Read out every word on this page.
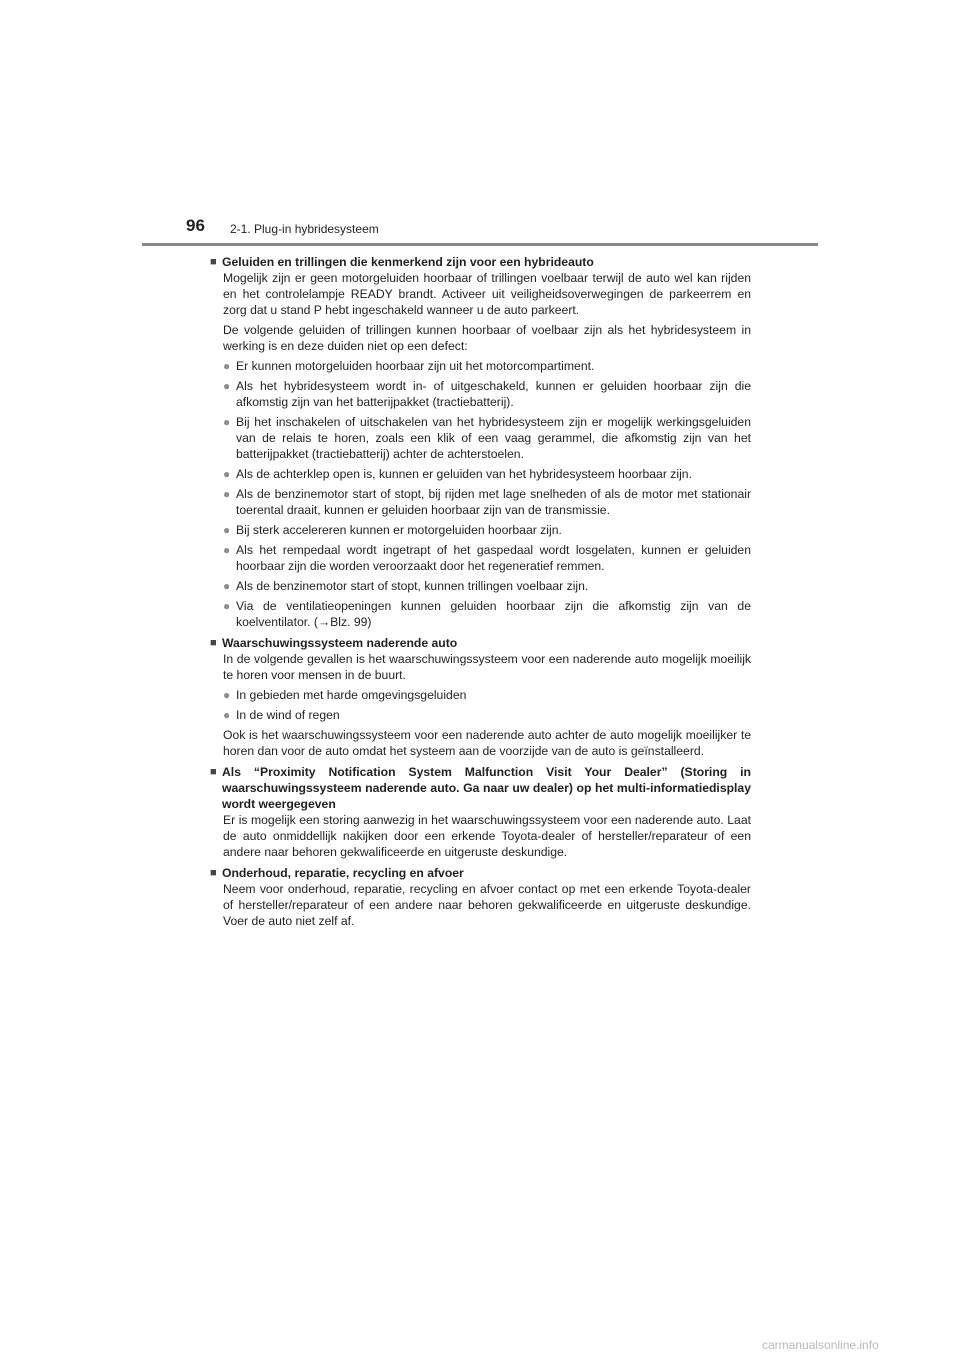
96 2-1. Plug-in hybridesysteem
■ Geluiden en trillingen die kenmerkend zijn voor een hybrideauto
Mogelijk zijn er geen motorgeluiden hoorbaar of trillingen voelbaar terwijl de auto wel kan rijden en het controlelampje READY brandt. Activeer uit veiligheidsoverwegingen de parkeerrem en zorg dat u stand P hebt ingeschakeld wanneer u de auto parkeert.
De volgende geluiden of trillingen kunnen hoorbaar of voelbaar zijn als het hybridesysteem in werking is en deze duiden niet op een defect:
● Er kunnen motorgeluiden hoorbaar zijn uit het motorcompartiment.
● Als het hybridesysteem wordt in- of uitgeschakeld, kunnen er geluiden hoorbaar zijn die afkomstig zijn van het batterijpakket (tractiebatterij).
● Bij het inschakelen of uitschakelen van het hybridesysteem zijn er mogelijk werkingsgeluiden van de relais te horen, zoals een klik of een vaag gerammel, die afkomstig zijn van het batterijpakket (tractiebatterij) achter de achterstoelen.
● Als de achterklep open is, kunnen er geluiden van het hybridesysteem hoorbaar zijn.
● Als de benzinemotor start of stopt, bij rijden met lage snelheden of als de motor met stationair toerental draait, kunnen er geluiden hoorbaar zijn van de transmissie.
● Bij sterk accelereren kunnen er motorgeluiden hoorbaar zijn.
● Als het rempedaal wordt ingetrapt of het gaspedaal wordt losgelaten, kunnen er geluiden hoorbaar zijn die worden veroorzaakt door het regeneratief remmen.
● Als de benzinemotor start of stopt, kunnen trillingen voelbaar zijn.
● Via de ventilatieopeningen kunnen geluiden hoorbaar zijn die afkomstig zijn van de koelventilator. (→Blz. 99)
■ Waarschuwingssysteem naderende auto
In de volgende gevallen is het waarschuwingssysteem voor een naderende auto mogelijk moeilijk te horen voor mensen in de buurt.
● In gebieden met harde omgevingsgeluiden
● In de wind of regen
Ook is het waarschuwingssysteem voor een naderende auto achter de auto mogelijk moeilijker te horen dan voor de auto omdat het systeem aan de voorzijde van de auto is geïnstalleerd.
■ Als “Proximity Notification System Malfunction Visit Your Dealer” (Storing in waarschuwingssysteem naderende auto. Ga naar uw dealer) op het multi-informatiedisplay wordt weergegeven
Er is mogelijk een storing aanwezig in het waarschuwingssysteem voor een naderende auto. Laat de auto onmiddellijk nakijken door een erkende Toyota-dealer of hersteller/reparateur of een andere naar behoren gekwalificeerde en uitgeruste deskundige.
■ Onderhoud, reparatie, recycling en afvoer
Neem voor onderhoud, reparatie, recycling en afvoer contact op met een erkende Toyota-dealer of hersteller/reparateur of een andere naar behoren gekwalificeerde en uitgeruste deskundige. Voer de auto niet zelf af.
carmanualsonline.info
